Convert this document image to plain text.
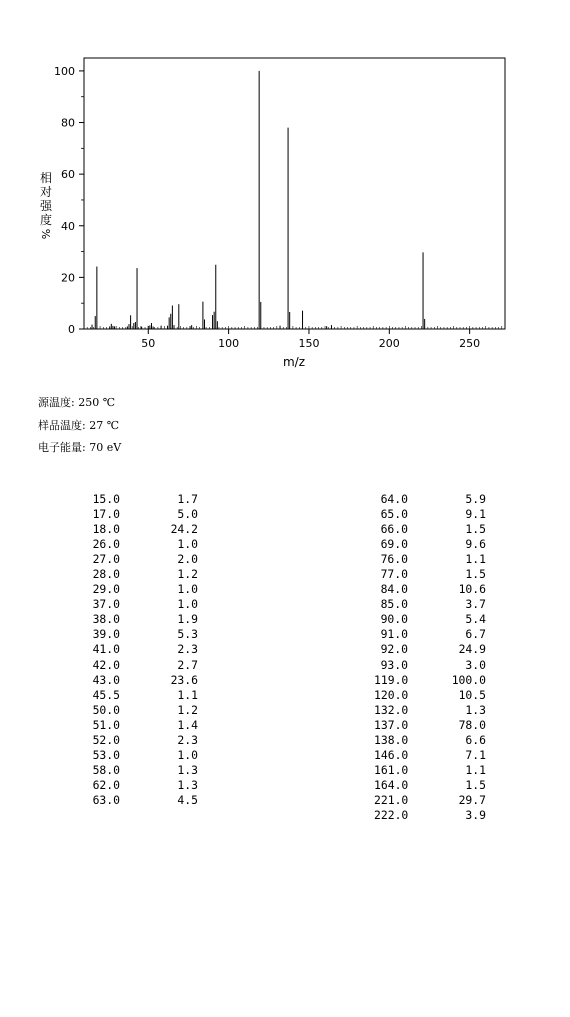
50	100	150	200	250
0
20
40
60
80
100
m/z
相
对
强
度
%
源温度: 250 ℃
样品温度: 27 ℃
电子能量: 70 eV
15.0	1.7
17.0	5.0
18.0	24.2
26.0	1.0
27.0	2.0
28.0	1.2
29.0	1.0
37.0	1.0
38.0	1.9
39.0	5.3
41.0	2.3
42.0	2.7
43.0	23.6
45.5	1.1
50.0	1.2
51.0	1.4
52.0	2.3
53.0	1.0
58.0	1.3
62.0	1.3
63.0	4.5
64.0	5.9
65.0	9.1
66.0	1.5
69.0	9.6
76.0	1.1
77.0	1.5
84.0	10.6
85.0	3.7
90.0	5.4
91.0	6.7
92.0	24.9
93.0	3.0
119.0	100.0
120.0	10.5
132.0	1.3
137.0	78.0
138.0	6.6
146.0	7.1
161.0	1.1
164.0	1.5
221.0	29.7
222.0	3.9
